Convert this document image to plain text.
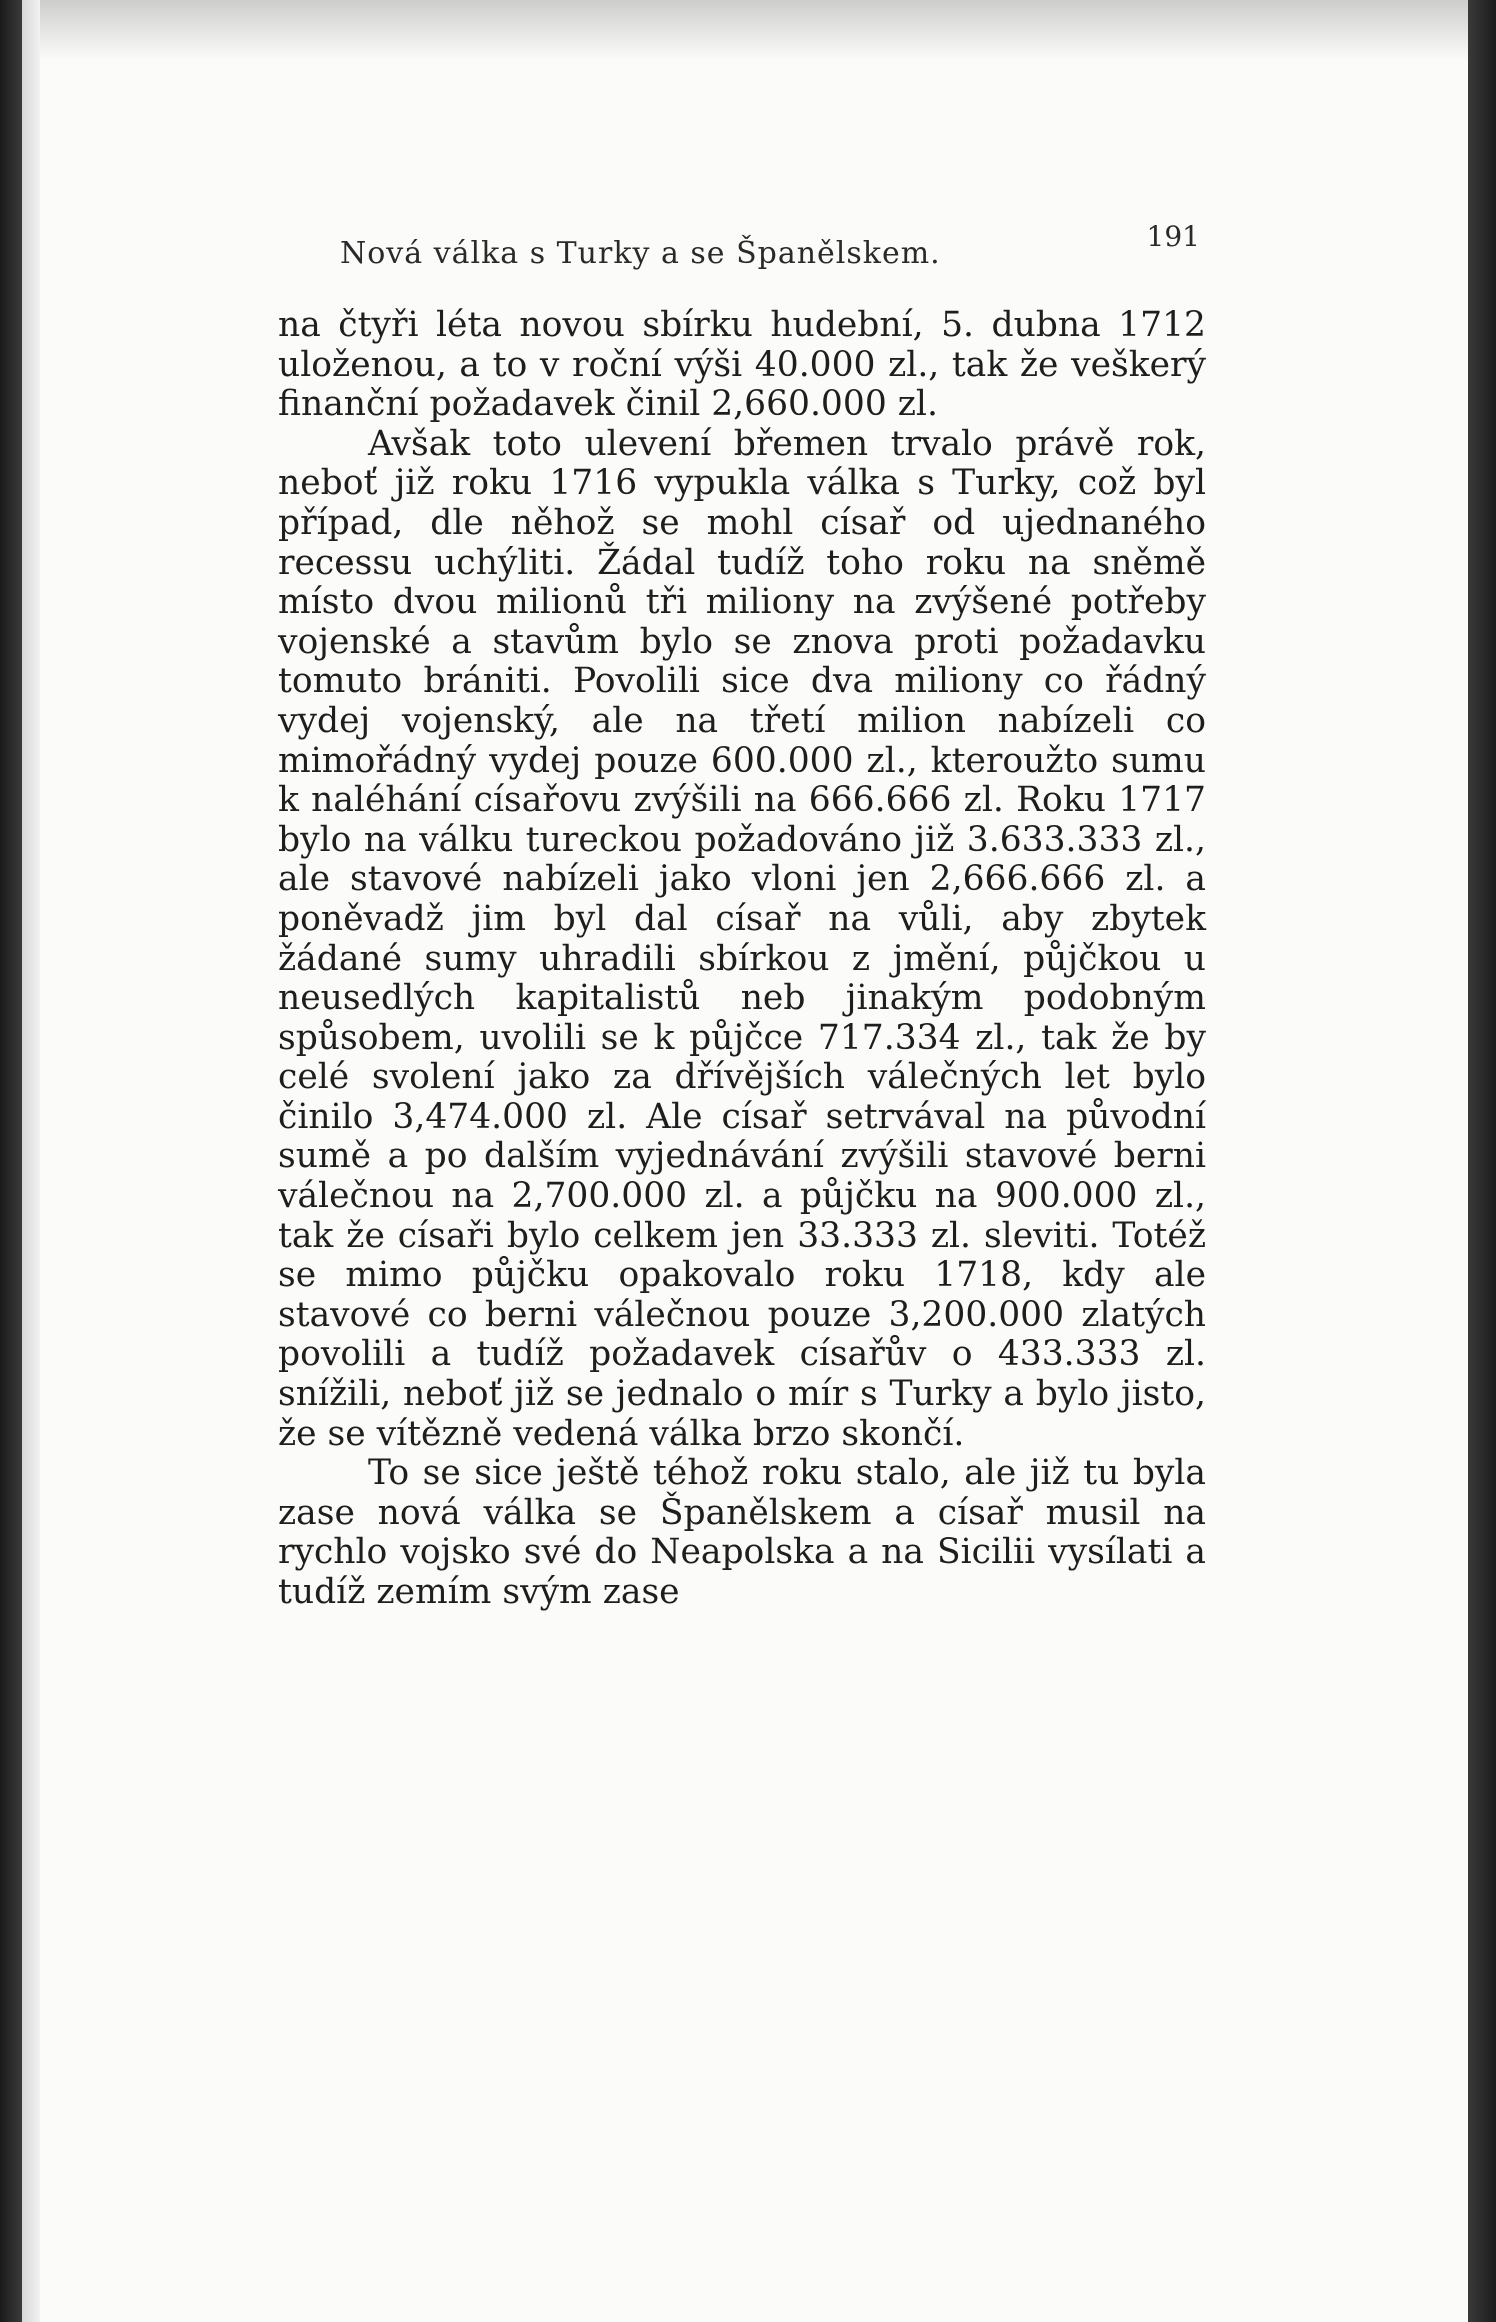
Nová válka s Turky a se Španělskem.	191

na čtyři léta novou sbírku hudební, 5. dubna 1712 uloženou, a to v roční výši 40.000 zl., tak že veškerý finanční požadavek činil 2,660.000 zl.

Avšak toto ulevení břemen trvalo právě rok, neboť již roku 1716 vypukla válka s Turky, což byl případ, dle něhož se mohl císař od ujednaného recessu uchýliti. Žádal tudíž toho roku na sněmě místo dvou milionů tři miliony na zvýšené potřeby vojenské a stavům bylo se znova proti požadavku tomuto brániti. Povolili sice dva miliony co řádný vydej vojenský, ale na třetí milion nabízeli co mimořádný vydej pouze 600.000 zl., kteroužto sumu k naléhání císařovu zvýšili na 666.666 zl. Roku 1717 bylo na válku tureckou požadováno již 3.633.333 zl., ale stavové nabízeli jako vloni jen 2,666.666 zl. a poněvadž jim byl dal císař na vůli, aby zbytek žádané sumy uhradili sbírkou z jmění, půjčkou u neusedlých kapitalistů neb jinakým podobným spůsobem, uvolili se k půjčce 717.334 zl., tak že by celé svolení jako za dřívějších válečných let bylo činilo 3,474.000 zl. Ale císař setrvával na původní sumě a po dalším vyjednávání zvýšili stavové berni válečnou na 2,700.000 zl. a půjčku na 900.000 zl., tak že císaři bylo celkem jen 33.333 zl. sleviti. Totéž se mimo půjčku opakovalo roku 1718, kdy ale stavové co berni válečnou pouze 3,200.000 zlatých povolili a tudíž požadavek císařův o 433.333 zl. snížili, neboť již se jednalo o mír s Turky a bylo jisto, že se vítězně vedená válka brzo skončí.

To se sice ještě téhož roku stalo, ale již tu byla zase nová válka se Španělskem a císař musil na rychlo vojsko své do Neapolska a na Sicilii vysílati a tudíž zemím svým zase
